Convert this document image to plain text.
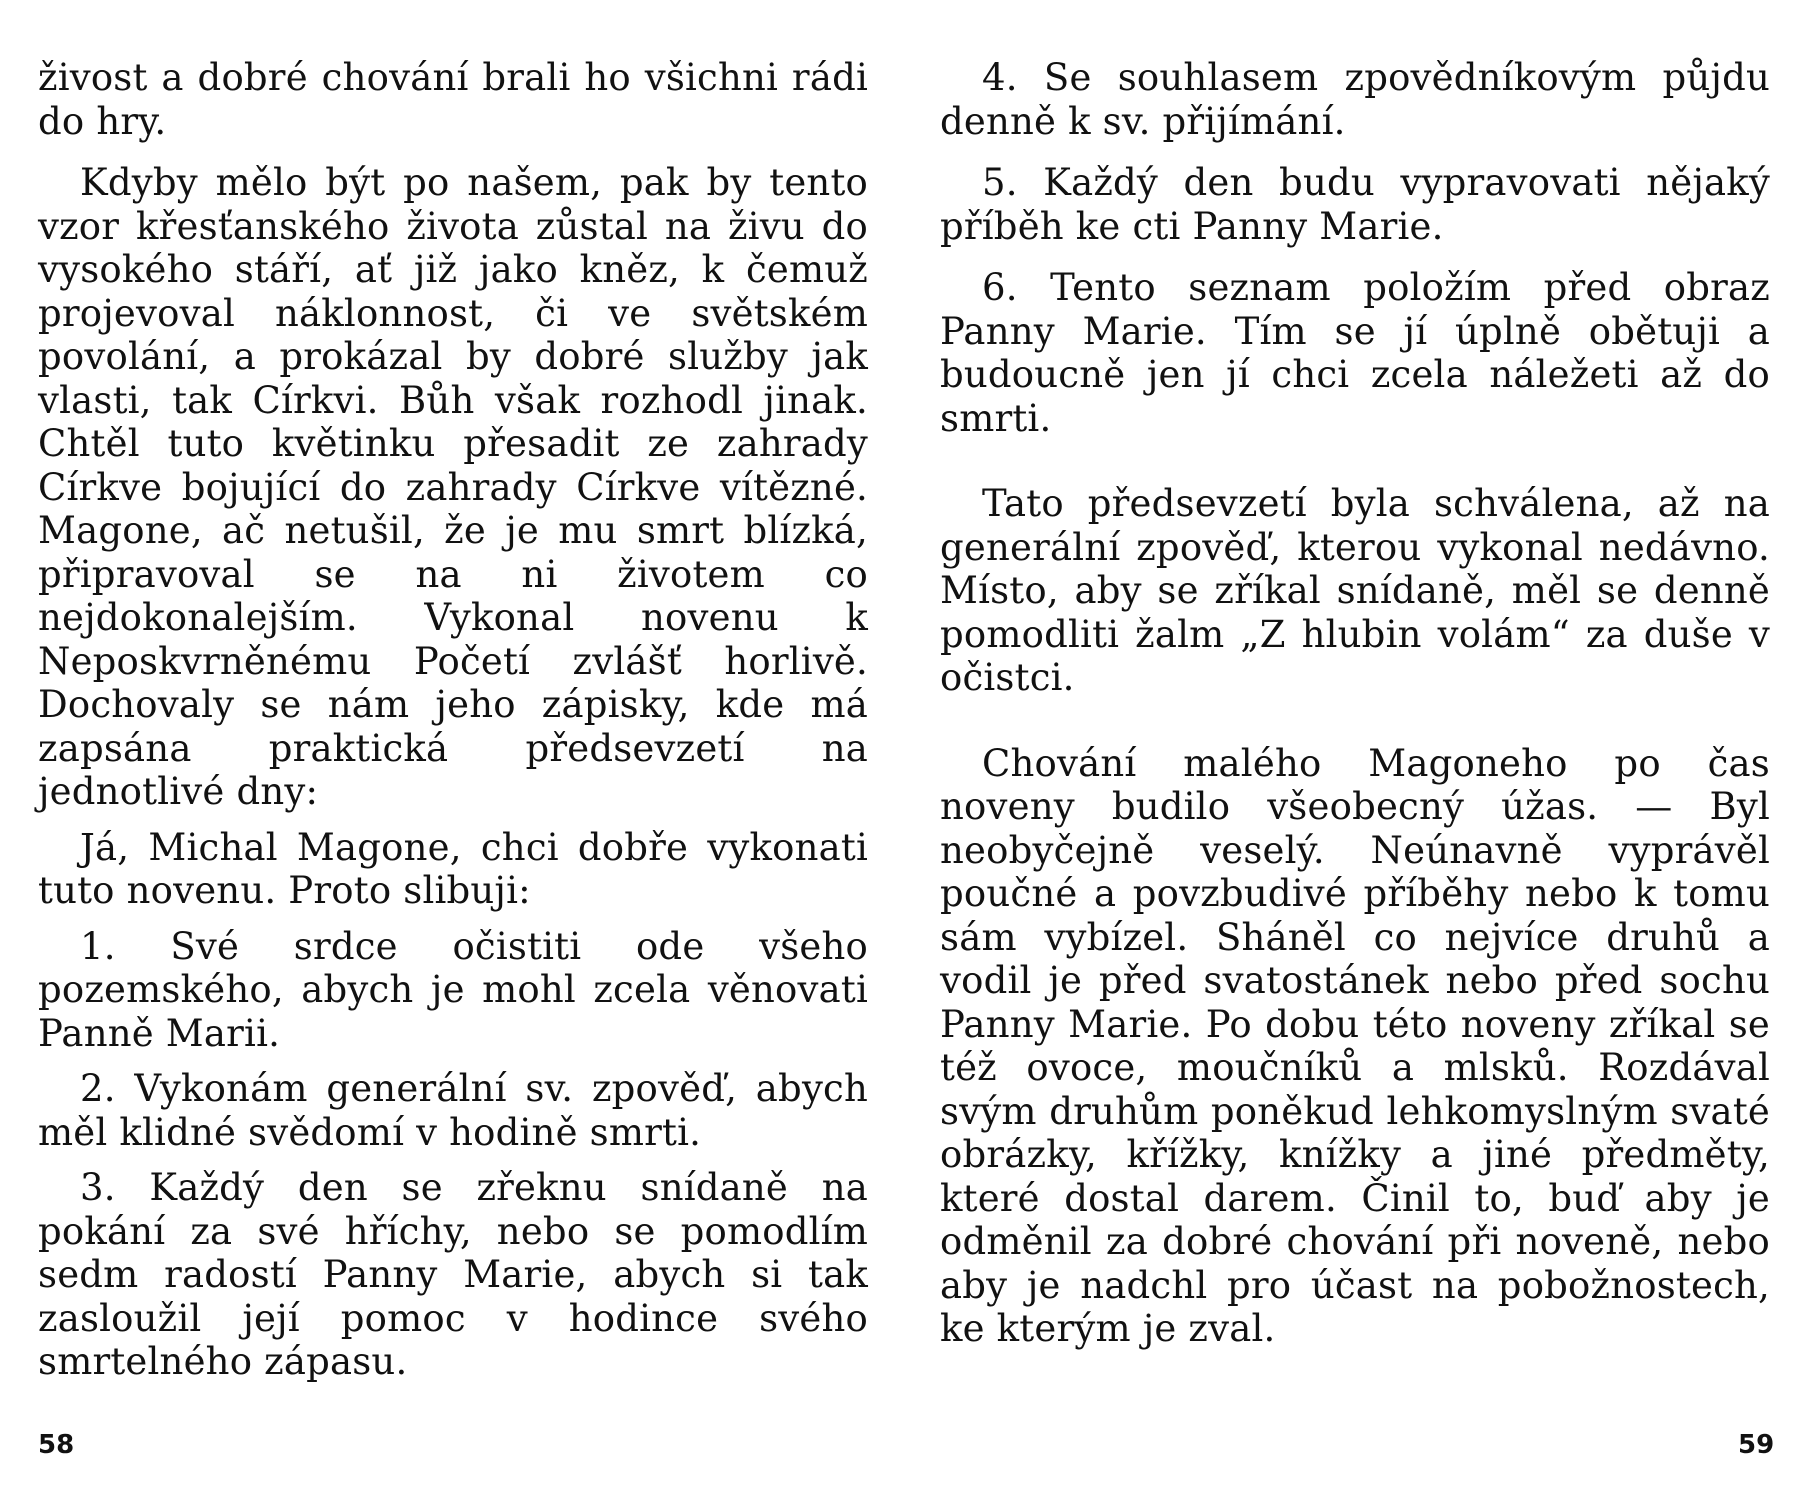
živost a dobré chování brali ho všichni rádi do hry.

Kdyby mělo být po našem, pak by tento vzor křesťanského života zůstal na živu do vysokého stáří, ať již jako kněz, k čemuž projevoval náklonnost, či ve světském povolání, a prokázal by dobré služby jak vlasti, tak Církvi. Bůh však rozhodl jinak. Chtěl tuto květinku přesadit ze zahrady Církve bojující do zahrady Církve vítězné. Magone, ač netušil, že je mu smrt blízká, připravoval se na ni životem co nejdokonalejším. Vykonal novenu k Neposkvrněnému Početí zvlášť horlivě. Dochovaly se nám jeho zápisky, kde má zapsána praktická předsevzetí na jednotlivé dny:

Já, Michal Magone, chci dobře vykonati tuto novenu. Proto slibuji:

1. Své srdce očistiti ode všeho pozemského, abych je mohl zcela věnovati Panně Marii.

2. Vykonám generální sv. zpověď, abych měl klidné svědomí v hodině smrti.

3. Každý den se zřeknu snídaně na pokání za své hříchy, nebo se pomodlím sedm radostí Panny Marie, abych si tak zasloužil její pomoc v hodince svého smrtelného zápasu.

4. Se souhlasem zpovědníkovým půjdu denně k sv. přijímání.

5. Každý den budu vypravovati nějaký příběh ke cti Panny Marie.

6. Tento seznam položím před obraz Panny Marie. Tím se jí úplně obětuji a budoucně jen jí chci zcela náležeti až do smrti.

Tato předsevzetí byla schválena, až na generální zpověď, kterou vykonal nedávno. Místo, aby se zříkal snídaně, měl se denně pomodliti žalm „Z hlubin volám“ za duše v očistci.

Chování malého Magoneho po čas noveny budilo všeobecný úžas. — Byl neobyčejně veselý. Neúnavně vyprávěl poučné a povzbudivé příběhy nebo k tomu sám vybízel. Sháněl co nejvíce druhů a vodil je před svatostánek nebo před sochu Panny Marie. Po dobu této noveny zříkal se též ovoce, moučníků a mlsků. Rozdával svým druhům poněkud lehkomyslným svaté obrázky, křížky, knížky a jiné předměty, které dostal darem. Činil to, buď aby je odměnil za dobré chování při noveně, nebo aby je nadchl pro účast na pobožnostech, ke kterým je zval.

58	59
